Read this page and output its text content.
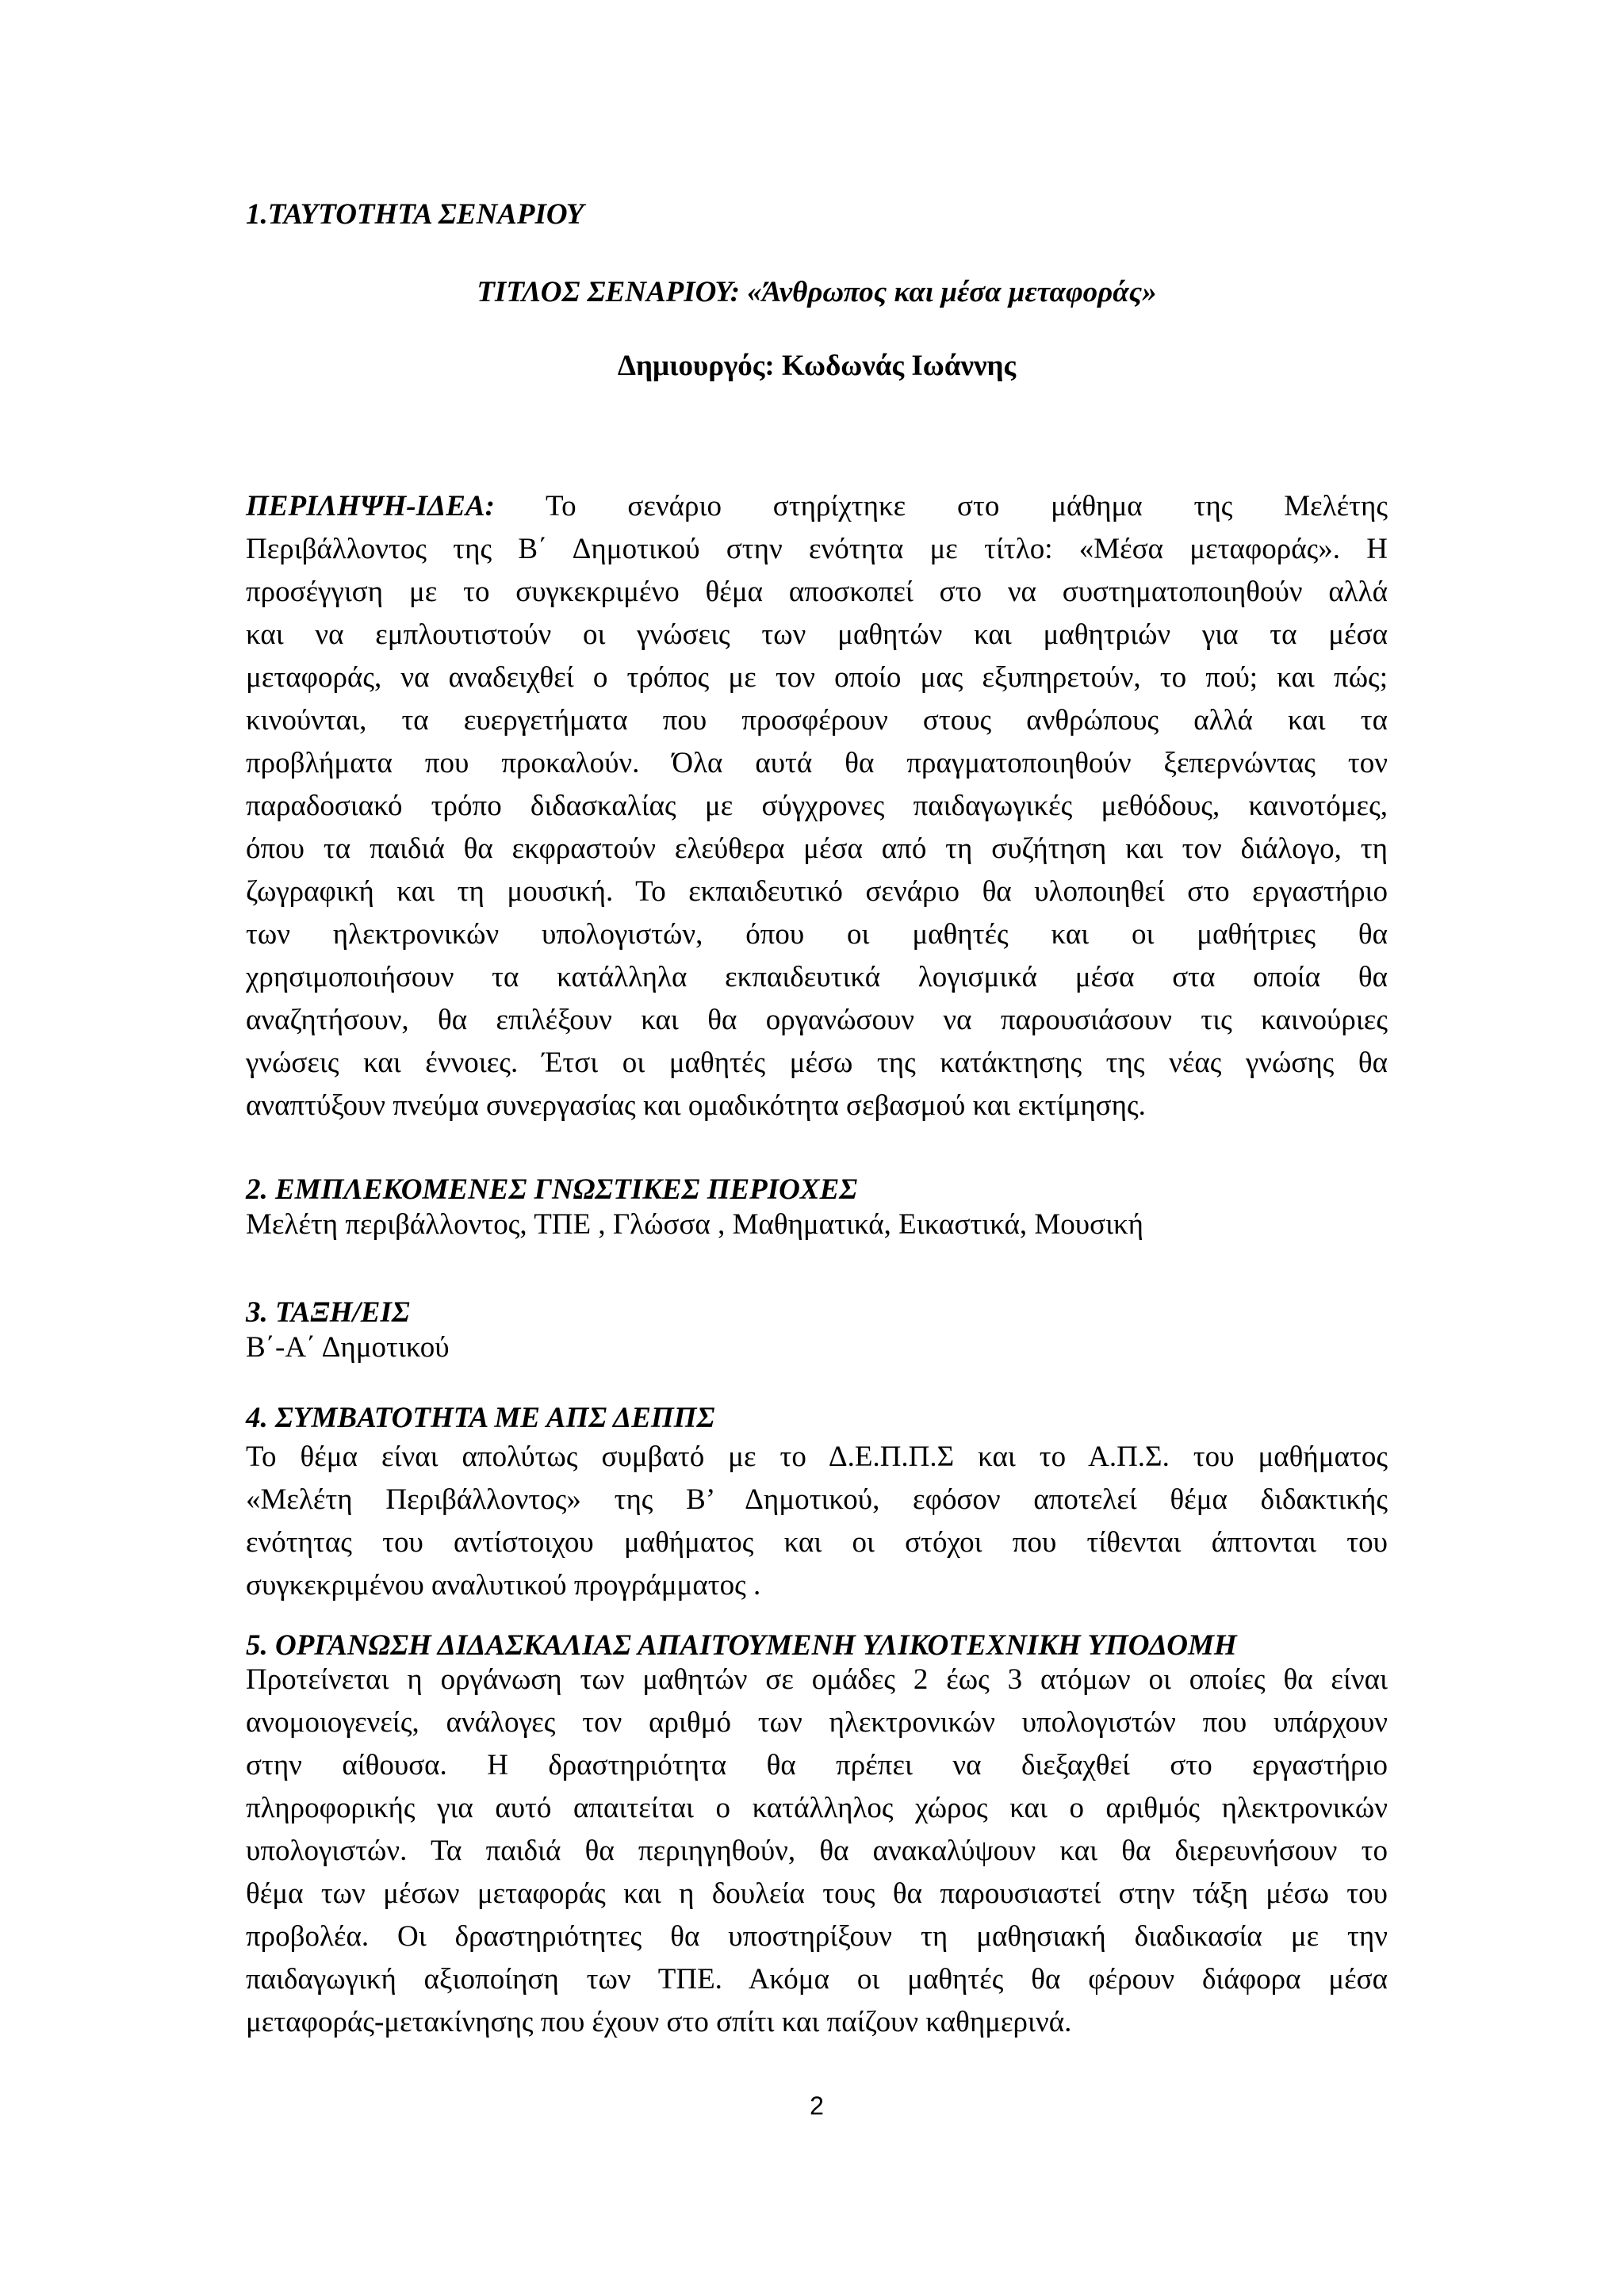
1.ΤΑΥΤΟΤΗΤΑ ΣΕΝΑΡΙΟΥ
ΤΙΤΛΟΣ ΣΕΝΑΡΙΟΥ: «Άνθρωπος και μέσα μεταφοράς»
Δημιουργός: Κωδωνάς Ιωάννης
ΠΕΡΙΛΗΨΗ-ΙΔΕΑ: Το σενάριο στηρίχτηκε στο μάθημα της Μελέτης
Περιβάλλοντος της Β΄ Δημοτικού στην ενότητα με τίτλο: «Μέσα μεταφοράς». Η
προσέγγιση με το συγκεκριμένο θέμα αποσκοπεί στο να συστηματοποιηθούν αλλά
και να εμπλουτιστούν οι γνώσεις των μαθητών και μαθητριών για τα μέσα
μεταφοράς, να αναδειχθεί ο τρόπος με τον οποίο μας εξυπηρετούν, το πού; και πώς;
κινούνται, τα ευεργετήματα που προσφέρουν στους ανθρώπους αλλά και τα
προβλήματα που προκαλούν. Όλα αυτά θα πραγματοποιηθούν ξεπερνώντας τον
παραδοσιακό τρόπο διδασκαλίας με σύγχρονες παιδαγωγικές μεθόδους, καινοτόμες,
όπου τα παιδιά θα εκφραστούν ελεύθερα μέσα από τη συζήτηση και τον διάλογο, τη
ζωγραφική και τη μουσική. Το εκπαιδευτικό σενάριο θα υλοποιηθεί στο εργαστήριο
των ηλεκτρονικών υπολογιστών, όπου οι μαθητές και οι μαθήτριες θα
χρησιμοποιήσουν τα κατάλληλα εκπαιδευτικά λογισμικά μέσα στα οποία θα
αναζητήσουν, θα επιλέξουν και θα οργανώσουν να παρουσιάσουν τις καινούριες
γνώσεις και έννοιες. Έτσι οι μαθητές μέσω της κατάκτησης της νέας γνώσης θα
αναπτύξουν πνεύμα συνεργασίας και ομαδικότητα σεβασμού και εκτίμησης.
2. ΕΜΠΛΕΚΟΜΕΝΕΣ ΓΝΩΣΤΙΚΕΣ ΠΕΡΙΟΧΕΣ
Μελέτη περιβάλλοντος, ΤΠΕ , Γλώσσα , Μαθηματικά, Εικαστικά, Μουσική
3. ΤΑΞΗ/ΕΙΣ
Β΄-Α΄ Δημοτικού
4. ΣΥΜΒΑΤΟΤΗΤΑ ΜΕ ΑΠΣ ΔΕΠΠΣ
Το θέμα είναι απολύτως συμβατό με το Δ.Ε.Π.Π.Σ και το Α.Π.Σ. του μαθήματος
«Μελέτη Περιβάλλοντος» της Β’ Δημοτικού, εφόσον αποτελεί θέμα διδακτικής
ενότητας του αντίστοιχου μαθήματος και οι στόχοι που τίθενται άπτονται του
συγκεκριμένου αναλυτικού προγράμματος .
5. ΟΡΓΑΝΩΣΗ ΔΙΔΑΣΚΑΛΙΑΣ ΑΠΑΙΤΟΥΜΕΝΗ ΥΛΙΚΟΤΕΧΝΙΚΗ ΥΠΟΔΟΜΗ
Προτείνεται η οργάνωση των μαθητών σε ομάδες 2 έως 3 ατόμων οι οποίες θα είναι
ανομοιογενείς, ανάλογες τον αριθμό των ηλεκτρονικών υπολογιστών που υπάρχουν
στην αίθουσα. Η δραστηριότητα θα πρέπει να διεξαχθεί στο εργαστήριο
πληροφορικής για αυτό απαιτείται ο κατάλληλος χώρος και ο αριθμός ηλεκτρονικών
υπολογιστών. Τα παιδιά θα περιηγηθούν, θα ανακαλύψουν και θα διερευνήσουν το
θέμα των μέσων μεταφοράς και η δουλεία τους θα παρουσιαστεί στην τάξη μέσω του
προβολέα. Οι δραστηριότητες θα υποστηρίξουν τη μαθησιακή διαδικασία με την
παιδαγωγική αξιοποίηση των ΤΠΕ. Ακόμα οι μαθητές θα φέρουν διάφορα μέσα
μεταφοράς-μετακίνησης που έχουν στο σπίτι και παίζουν καθημερινά.
2
